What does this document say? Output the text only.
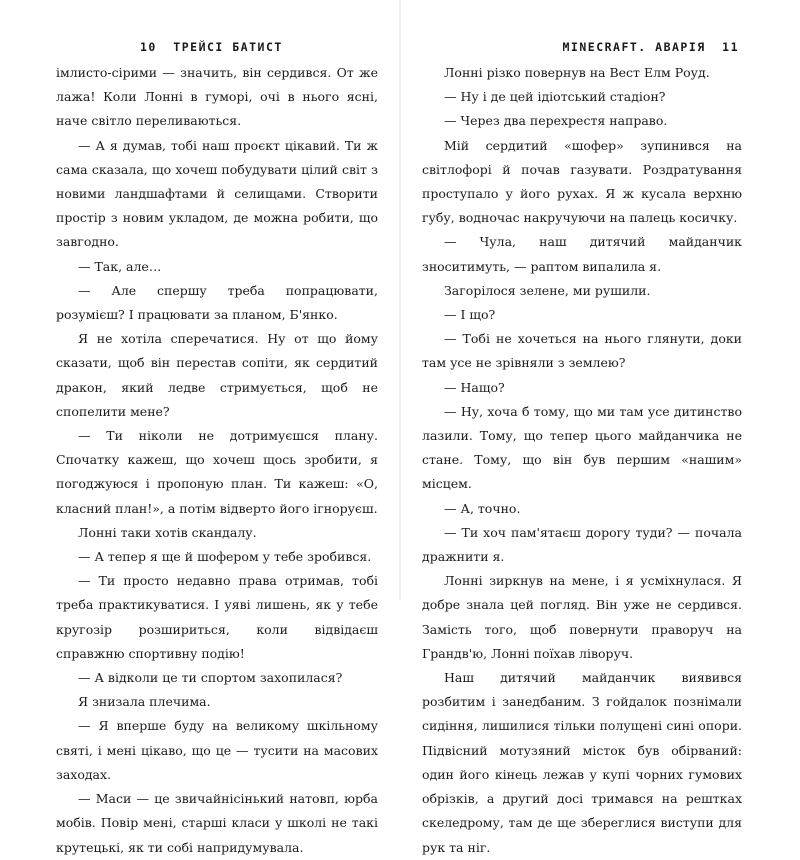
10 ТРЕЙСІ БАТИСТ

імлисто-сірими — значить, він сердився. От же лажа! Коли Лонні в гуморі, очі в нього ясні, наче світло переливаються.

— А я думав, тобі наш проєкт цікавий. Ти ж сама сказала, що хочеш побудувати цілий світ з новими ландшафтами й селищами. Створити простір з новим укладом, де можна робити, що завгодно.

— Так, але…

— Але спершу треба попрацювати, розумієш? І працювати за планом, Б'янко.

Я не хотіла сперечатися. Ну от що йому сказати, щоб він перестав сопіти, як сердитий дракон, який ледве стримується, щоб не спопелити мене?

— Ти ніколи не дотримуєшся плану. Спочатку кажеш, що хочеш щось зробити, я погоджуюся і пропоную план. Ти кажеш: «О, класний план!», а потім відверто його ігноруєш.

Лонні таки хотів скандалу.

— А тепер я ще й шофером у тебе зробився.

— Ти просто недавно права отримав, тобі треба практикуватися. І уяві лишень, як у тебе кругозір розшириться, коли відвідаєш справжню спортивну подію!

— А відколи це ти спортом захопилася?

Я знизала плечима.

— Я вперше буду на великому шкільному святі, і мені цікаво, що це — тусити на масових заходах.

— Маси — це звичайнісінький натовп, юрба мобів. Повір мені, старші класи у школі не такі крутецькі, як ти собі напридумувала.

MINECRAFT. АВАРІЯ 11

Лонні різко повернув на Вест Елм Роуд.

— Ну і де цей ідіотський стадіон?

— Через два перехрестя направо.

Мій сердитий «шофер» зупинився на світлофорі й почав газувати. Роздратування проступало у його рухах. Я ж кусала верхню губу, водночас накручуючи на палець косичку.

— Чула, наш дитячий майданчик зноситимуть, — раптом випалила я.

Загорілося зелене, ми рушили.

— І що?

— Тобі не хочеться на нього глянути, доки там усе не зрівняли з землею?

— Нащо?

— Ну, хоча б тому, що ми там усе дитинство лазили. Тому, що тепер цього майданчика не стане. Тому, що він був першим «нашим» місцем.

— А, точно.

— Ти хоч пам'ятаєш дорогу туди? — почала дражнити я.

Лонні зиркнув на мене, і я усміхнулася. Я добре знала цей погляд. Він уже не сердився. Замість того, щоб повернути праворуч на Грандв'ю, Лонні поїхав ліворуч.

Наш дитячий майданчик виявився розбитим і занедбаним. З гойдалок познімали сидіння, лишилися тільки полущені сині опори. Підвісний мотузяний місток був обірваний: один його кінець лежав у купі чорних гумових обрізків, а другий досі тримався на рештках скеледрому, там де ще збереглися виступи для рук та ніг.
